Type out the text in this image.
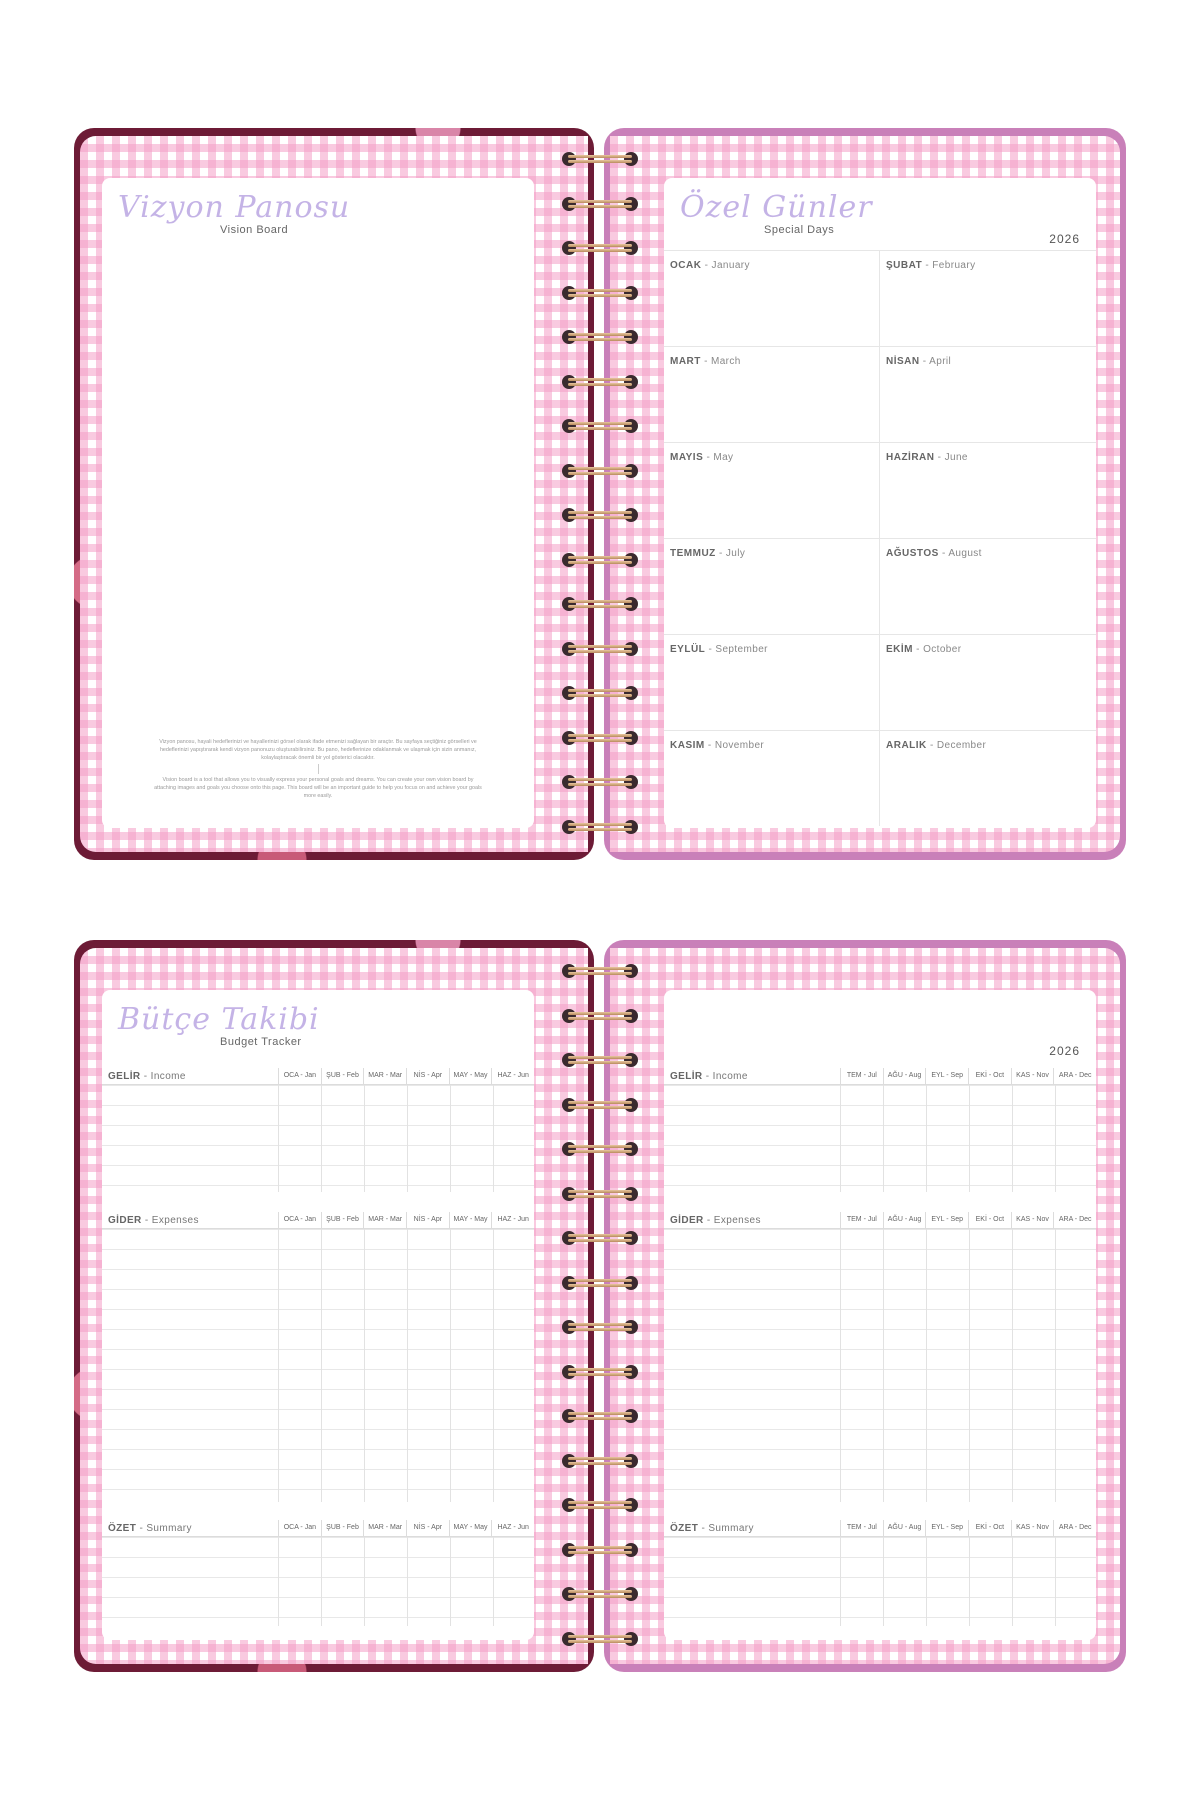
Vizyon Panosu
Vision Board
Vizyon panosu, hayali hedeflerinizi ve hayallerinizi görsel olarak ifade etmenizi sağlayan bir araçtır. Bu sayfaya seçtiğiniz görselleri ve hedeflerinizi yapıştırarak kendi vizyon panonuzu oluşturabilirsiniz. Bu pano, hedeflerinize odaklanmak ve ulaşmak için sizin anmanız, kolaylaştıracak önemli bir yol gösterici olacaktır.
Vision board is a tool that allows you to visually express your personal goals and dreams. You can create your own vision board by attaching images and goals you choose onto this page. This board will be an important guide to help you focus on and achieve your goals more easily.
Özel Günler
Special Days
2026
OCAK - January	ŞUBAT - February
MART - March	NİSAN - April
MAYIS - May	HAZİRAN - June
TEMMUZ - July	AĞUSTOS - August
EYLÜL - September	EKİM - October
KASIM - November	ARALIK - December
Bütçe Takibi
Budget Tracker
GELİR - Income	OCA - Jan	ŞUB - Feb	MAR - Mar	NİS - Apr	MAY - May	HAZ - Jun
GİDER - Expenses	OCA - Jan	ŞUB - Feb	MAR - Mar	NİS - Apr	MAY - May	HAZ - Jun
ÖZET - Summary	OCA - Jan	ŞUB - Feb	MAR - Mar	NİS - Apr	MAY - May	HAZ - Jun
2026
GELİR - Income	TEM - Jul	AĞU - Aug	EYL - Sep	EKİ - Oct	KAS - Nov	ARA - Dec
GİDER - Expenses	TEM - Jul	AĞU - Aug	EYL - Sep	EKİ - Oct	KAS - Nov	ARA - Dec
ÖZET - Summary	TEM - Jul	AĞU - Aug	EYL - Sep	EKİ - Oct	KAS - Nov	ARA - Dec
